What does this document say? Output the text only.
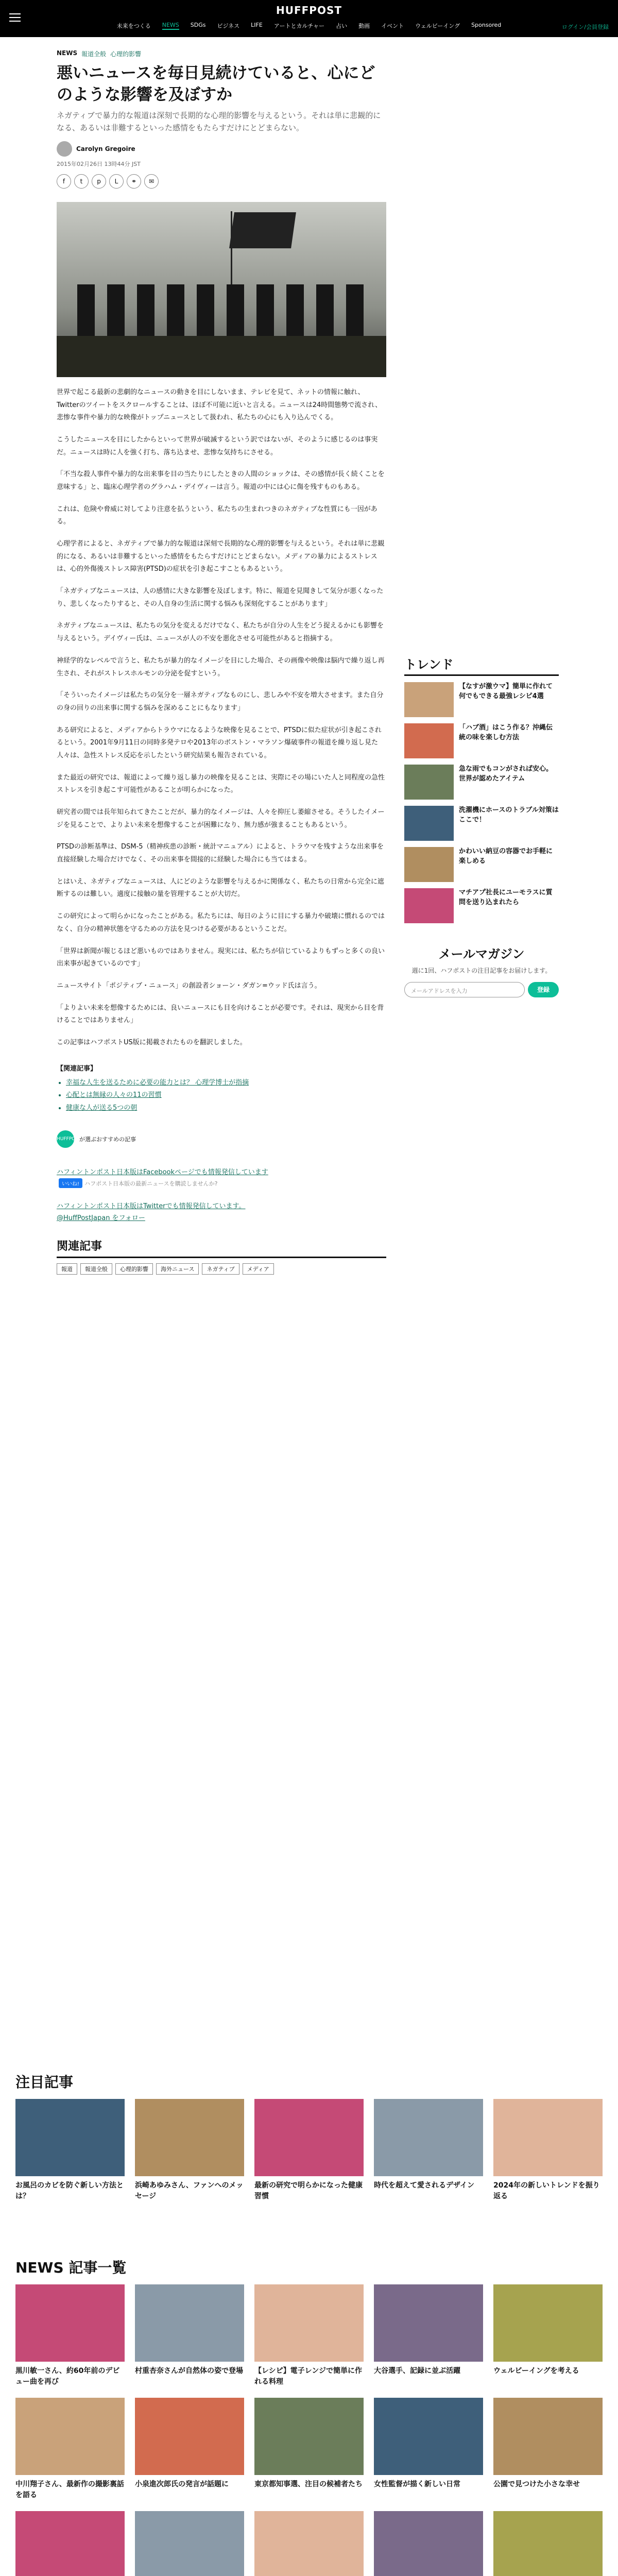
HUFFPOST
未来をつくる NEWS SDGs ビジネス LIFE アートとカルチャー 占い 動画 イベント ウェルビーイング Sponsored	ログイン/会員登録
NEWS 報道全般 心理的影響
悪いニュースを毎日見続けていると、心にどのような影響を及ぼすか
ネガティブで暴力的な報道は深刻で長期的な心理的影響を与えるという。それは単に悲観的になる、あるいは非難するといった感情をもたらすだけにとどまらない。
Carolyn Gregoire
2015年02月26日 13時44分 JST
f	t	p	L	⚭	✉

世界で起こる最新の悲劇的なニュースの動きを目にしないまま、テレビを見て、ネットの情報に触れ、Twitterのツイートをスクロールすることは、ほぼ不可能に近いと言える。ニュースは24時間態勢で流され、悲惨な事件や暴力的な映像がトップニュースとして扱われ、私たちの心にも入り込んでくる。

こうしたニュースを目にしたからといって世界が破滅するという訳ではないが、そのように感じるのは事実だ。ニュースは時に人を強く打ち、落ち込ませ、悲惨な気持ちにさせる。

「不当な殺人事件や暴力的な出来事を目の当たりにしたときの人間のショックは、その感情が長く続くことを意味する」と、臨床心理学者のグラハム・デイヴィーは言う。報道の中には心に傷を残すものもある。

これは、危険や脅威に対してより注意を払うという、私たちの生まれつきのネガティブな性質にも一因がある。

心理学者によると、ネガティブで暴力的な報道は深刻で長期的な心理的影響を与えるという。それは単に悲観的になる、あるいは非難するといった感情をもたらすだけにとどまらない。メディアの暴力によるストレスは、心的外傷後ストレス障害(PTSD)の症状を引き起こすこともあるという。

「ネガティブなニュースは、人の感情に大きな影響を及ぼします。特に、報道を見聞きして気分が悪くなったり、悲しくなったりすると、その人自身の生活に関する悩みも深刻化することがあります」

ネガティブなニュースは、私たちの気分を変えるだけでなく、私たちが自分の人生をどう捉えるかにも影響を与えるという。デイヴィー氏は、ニュースが人の不安を悪化させる可能性があると指摘する。

神経学的なレベルで言うと、私たちが暴力的なイメージを目にした場合、その画像や映像は脳内で繰り返し再生され、それがストレスホルモンの分泌を促すという。

「そういったイメージは私たちの気分を一層ネガティブなものにし、悲しみや不安を増大させます。また自分の身の回りの出来事に関する悩みを深めることにもなります」

ある研究によると、メディアからトラウマになるような映像を見ることで、PTSDに似た症状が引き起こされるという。2001年9月11日の同時多発テロや2013年のボストン・マラソン爆破事件の報道を繰り返し見た人々は、急性ストレス反応を示したという研究結果も報告されている。

また最近の研究では、報道によって繰り返し暴力の映像を見ることは、実際にその場にいた人と同程度の急性ストレスを引き起こす可能性があることが明らかになった。

研究者の間では長年知られてきたことだが、暴力的なイメージは、人々を抑圧し萎縮させる。そうしたイメージを見ることで、よりよい未来を想像することが困難になり、無力感が強まることもあるという。

PTSDの診断基準は、DSM-5（精神疾患の診断・統計マニュアル）によると、トラウマを残すような出来事を直接経験した場合だけでなく、その出来事を間接的に経験した場合にも当てはまる。

とはいえ、ネガティブなニュースは、人にどのような影響を与えるかに関係なく、私たちの日常から完全に遮断するのは難しい。適度に接触の量を管理することが大切だ。

この研究によって明らかになったことがある。私たちには、毎日のように目にする暴力や破壊に慣れるのではなく、自分の精神状態を守るための方法を見つける必要があるということだ。

「世界は新聞が報じるほど悪いものではありません。現実には、私たちが信じているよりもずっと多くの良い出来事が起きているのです」

ニュースサイト「ポジティブ・ニュース」の創設者ショーン・ダガン=ウッド氏は言う。

「よりよい未来を想像するためには、良いニュースにも目を向けることが必要です。それは、現実から目を背けることではありません」

この記事はハフポストUS版に掲載されたものを翻訳しました。

【関連記事】
• 幸福な人生を送るために必要の能力とは？ 心理学博士が指摘
• 心配とは無縁の人々の11の習慣
• 健康な人が送る5つの朝
HUFFPOST
が選ぶおすすめの記事
ハフィントンポスト日本版はFacebookページでも情報発信しています
いいね! ハフポスト日本版の最新ニュースを購読しませんか?
ハフィントンポスト日本版はTwitterでも情報発信しています。
@HuffPostJapan をフォロー
関連記事
報道	報道全般	心理的影響	海外ニュース	ネガティブ	メディア
トレンド
【なすが激ウマ】簡単に作れて何でもできる最強レシピ4選
「ハブ酒」はこう作る？沖縄伝統の味を楽しむ方法
急な雨でもコンがされば安心。世界が認めたアイテム
洗濯機にホースのトラブル対策はここで！
かわいい納豆の容器でお手軽に楽しめる
マチアプ社長にユーモラスに質問を送り込まれたら
メールマガジン

週に1回、ハフポストの注目記事をお届けします。

メールアドレスを入力	登録
注目記事
お風呂のカビを防ぐ新しい方法とは？
浜崎あゆみさん、ファンへのメッセージ
最新の研究で明らかになった健康習慣
時代を超えて愛されるデザイン	2024年の新しいトレンドを振り返る
NEWS 記事一覧
黒川敏一さん、約60年前のデビュー曲を再び
村重杏奈さんが自然体の姿で登場 【レシピ】電子レンジで簡単に作れる料理
大谷選手、記録に並ぶ活躍	ウェルビーイングを考える
中川翔子さん、最新作の撮影裏話を語る
小泉進次郎氏の発言が話題に	東京都知事選、注目の候補者たち 女性監督が描く新しい日常	公園で見つけた小さな幸せ
